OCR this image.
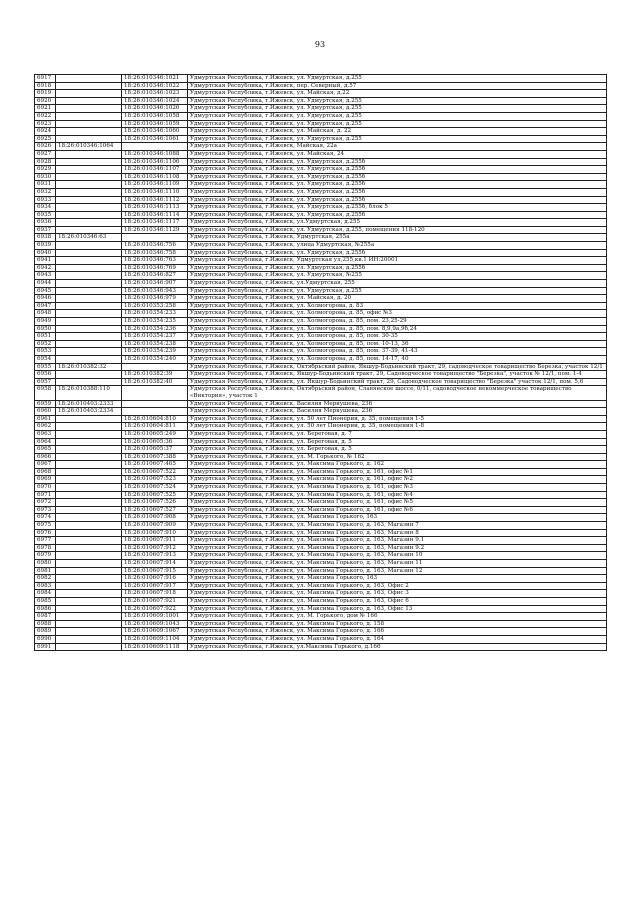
93
6917		18:26:010346:1021	Удмуртская Республика, г.Ижевск, ул. Удмуртская, д.255
6918		18:26:010346:1022	Удмуртская Республика, г.Ижевск, пер. Северный, д.57
6919		18:26:010346:1023	Удмуртская Республика, г.Ижевск, ул. Майская, д.22
6920		18:26:010346:1024	Удмуртская Республика, г.Ижевск, ул. Удмуртская, д.255
6921		18:26:010346:1026	Удмуртская Республика, г.Ижевск, ул. Удмуртская, д.255
6922		18:26:010346:1058	Удмуртская Республика, г.Ижевск, ул. Удмуртская, д.255
6923		18:26:010346:1059	Удмуртская Республика, г.Ижевск, ул. Удмуртская, д.255
6924		18:26:010346:1060	Удмуртская Республика, г.Ижевск, ул. Майская, д. 22
6925		18:26:010346:1061	Удмуртская Республика, г.Ижевск, ул. Удмуртская, д.255
6926	18:26:010346:1064		Удмуртская Республика, г.Ижевск, Майская, 22а
6927		18:26:010346:1088	Удмуртская Республика, г.Ижевск, ул. Майская, 24
6928		18:26:010346:1106	Удмуртская Республика, г.Ижевск, ул. Удмуртская, д.255б
6929		18:26:010346:1107	Удмуртская Республика, г.Ижевск, ул. Удмуртская, д.255б
6930		18:26:010346:1108	Удмуртская Республика, г.Ижевск, ул. Удмуртская, д.255б
6931		18:26:010346:1109	Удмуртская Республика, г.Ижевск, ул. Удмуртская, д.255б
6932		18:26:010346:1110	Удмуртская Республика, г.Ижевск, ул. Удмуртская, д.255б
6933		18:26:010346:1112	Удмуртская Республика, г.Ижевск, ул. Удмуртская, д.255б
6934		18:26:010346:1113	Удмуртская Республика, г.Ижевск, ул. Удмуртская, д.255б, блок 5
6935		18:26:010346:1114	Удмуртская Республика, г.Ижевск, ул. Удмуртская, д.255б
6936		18:26:010346:1117	Удмуртская Республика, г.Ижевск, ул.Удмуртская, д.255
6937		18:26:010346:1129	Удмуртская Республика, г.Ижевск, ул. Удмуртская, д.255, помещения 118-120
6938	18:26:010346:63		Удмуртская Республика, г.Ижевск, Удмуртская, 255а
6939		18:26:010346:756	Удмуртская Республика, г.Ижевск, улица Удмуртская, №255а
6940		18:26:010346:758	Удмуртская Республика, г.Ижевск, ул. Удмуртская, д.255б
6941		18:26:010346:763	Удмуртская Республика, г.Ижевск, Удмуртская ул,255,кв.1 ИН:20001
6942		18:26:010346:769	Удмуртская Республика, г.Ижевск, ул. Удмуртская, д.255б
6943		18:26:010346:827	Удмуртская Республика, г.Ижевск, ул. Удмуртская, №255
6944		18:26:010346:907	Удмуртская Республика, г.Ижевск, ул.Удмуртская, 255
6945		18:26:010346:943	Удмуртская Республика, г.Ижевск, ул. Удмуртская, д.255
6946		18:26:010346:979	Удмуртская Республика, г.Ижевск, ул. Майская, д. 20
6947		18:26:010353:258	Удмуртская Республика, г.Ижевск, ул. Холмогорова, д. 83
6948		18:26:010354:233	Удмуртская Республика, г.Ижевск, ул. Холмогорова, д. 85, офис №3
6949		18:26:010354:235	Удмуртская Республика, г.Ижевск, ул. Холмогорова, д. 85, пом. 23,25-29
6950		18:26:010354:236	Удмуртская Республика, г.Ижевск, ул. Холмогорова, д. 85, пом. 8,9,9а,9б,24
6951		18:26:010354:237	Удмуртская Республика, г.Ижевск, ул. Холмогорова, д. 85, пом. 30-35
6952		18:26:010354:238	Удмуртская Республика, г.Ижевск, ул. Холмогорова, д. 85, пом. 10-13, 36
6953		18:26:010354:239	Удмуртская Республика, г.Ижевск, ул. Холмогорова, д. 85, пом. 37-39, 41-43
6954		18:26:010354:240	Удмуртская Республика, г.Ижевск, ул. Холмогорова, д. 85, пом. 14-17, 40
6955	18:26:010382:32		Удмуртская Республика, г.Ижевск, Октябрьский район, Якшур-Бодьинский тракт, 29, садоводческое товарищество Березка, участок 12/1
6956		18:26:010382:39	Удмуртская Республика, г.Ижевск, Якшур-Бодьинский тракт, 29, Садоводческое товарищество "Березка", участок № 12/1, пом. 1-4
6957		18:26:010382:40	Удмуртская Республика, г.Ижевск, ул. Якшур-Бодьинский тракт, 29, Садоводческое товарищество "Березка" участок 12/1, пом. 5,6
6958	18:26:010388:110		Удмуртская Республика, г.Ижевск, Октябрьский район, Славянское шоссе, 0/11, садоводческое некоммерческое товарищество «Виктория», участок 1
6959	18:26:010403:2333		Удмуртская Республика, г.Ижевск, Василия Меркушева, 236
6960	18:26:010403:2334		Удмуртская Республика, г.Ижевск, Василия Меркушева, 236
6961		18:26:010604:810	Удмуртская Республика, г.Ижевск, ул. 50 лет Пионерии, д. 35, помещения 1-5
6962		18:26:010604:811	Удмуртская Республика, г.Ижевск, ул. 50 лет Пионерии, д. 35, помещения 1-8
6963		18:26:010605:249	Удмуртская Республика, г.Ижевск, ул. Береговая, д. 7
6964		18:26:010605:36	Удмуртская Республика, г.Ижевск, ул. Береговая, д. 5
6965		18:26:010605:37	Удмуртская Республика, г.Ижевск, ул. Береговая, д. 5
6966		18:26:010607:388	Удмуртская Республика, г.Ижевск, ул. М. Горького, № 162
6967		18:26:010607:465	Удмуртская Республика, г.Ижевск, ул. Максима Горького, д. 162
6968		18:26:010607:522	Удмуртская Республика, г.Ижевск, ул. Максима Горького, д. 161, офис №1
6969		18:26:010607:523	Удмуртская Республика, г.Ижевск, ул. Максима Горького, д. 161, офис №2
6970		18:26:010607:524	Удмуртская Республика, г.Ижевск, ул. Максима Горького, д. 161, офис №3
6971		18:26:010607:525	Удмуртская Республика, г.Ижевск, ул. Максима Горького, д. 161, офис №4
6972		18:26:010607:526	Удмуртская Республика, г.Ижевск, ул. Максима Горького, д. 161, офис №5
6973		18:26:010607:527	Удмуртская Республика, г.Ижевск, ул. Максима Горького, д. 161, офис №6
6974		18:26:010607:908	Удмуртская Республика, г.Ижевск, ул. Максима Горького, 163
6975		18:26:010607:909	Удмуртская Республика, г.Ижевск, ул. Максима Горького, д. 163, Магазин 7
6976		18:26:010607:910	Удмуртская Республика, г.Ижевск, ул. Максима Горького, д. 163, Магазин 8
6977		18:26:010607:911	Удмуртская Республика, г.Ижевск, ул. Максима Горького, д. 163, Магазин 9.1
6978		18:26:010607:912	Удмуртская Республика, г.Ижевск, ул. Максима Горького, д. 163, Магазин 9.2
6979		18:26:010607:913	Удмуртская Республика, г.Ижевск, ул. Максима Горького, д. 163, Магазин 10
6980		18:26:010607:914	Удмуртская Республика, г.Ижевск, ул. Максима Горького, д. 163, Магазин 11
6981		18:26:010607:915	Удмуртская Республика, г.Ижевск, ул. Максима Горького, д. 163, Магазин 12
6982		18:26:010607:916	Удмуртская Республика, г.Ижевск, ул. Максима Горького, 163
6983		18:26:010607:917	Удмуртская Республика, г.Ижевск, ул. Максима Горького, д. 163, Офис 2
6984		18:26:010607:918	Удмуртская Республика, г.Ижевск, ул. Максима Горького, д. 163, Офис 3
6985		18:26:010607:921	Удмуртская Республика, г.Ижевск, ул. Максима Горького, д. 163, Офис 6
6986		18:26:010607:922	Удмуртская Республика, г.Ижевск, ул. Максима Горького, д. 163, Офис 13
6987		18:26:010609:1001	Удмуртская Республика, г.Ижевск, ул. М. Горького, дом № 166
6988		18:26:010609:1043	Удмуртская Республика, г.Ижевск, ул. Максима Горького, д. 158
6989		18:26:010609:1067	Удмуртская Республика, г.Ижевск, ул. Максима Горького, д. 166
6990		18:26:010609:1104	Удмуртская Республика, г.Ижевск, ул. Максима Горького, д. 164
6991		18:26:010609:1118	Удмуртская Республика, г.Ижевск, ул.Максима Горького, д.166
